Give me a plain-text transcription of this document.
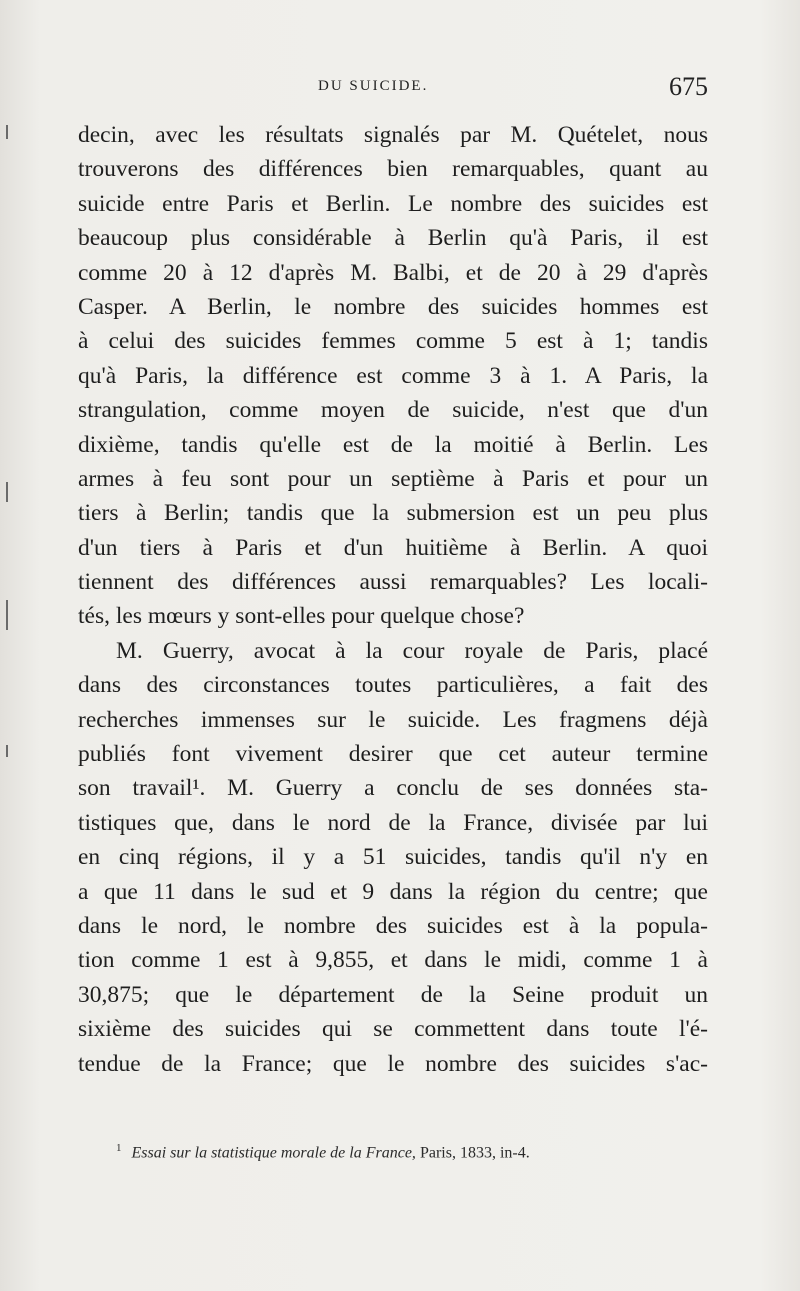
DU SUICIDE.	675
decin, avec les résultats signalés par M. Quételet, nous
trouverons des différences bien remarquables, quant au
suicide entre Paris et Berlin. Le nombre des suicides est
beaucoup plus considérable à Berlin qu'à Paris, il est
comme 20 à 12 d'après M. Balbi, et de 20 à 29 d'après
Casper. A Berlin, le nombre des suicides hommes est
à celui des suicides femmes comme 5 est à 1; tandis
qu'à Paris, la différence est comme 3 à 1. A Paris, la
strangulation, comme moyen de suicide, n'est que d'un
dixième, tandis qu'elle est de la moitié à Berlin. Les
armes à feu sont pour un septième à Paris et pour un
tiers à Berlin; tandis que la submersion est un peu plus
d'un tiers à Paris et d'un huitième à Berlin. A quoi
tiennent des différences aussi remarquables? Les locali-
tés, les mœurs y sont-elles pour quelque chose?
M. Guerry, avocat à la cour royale de Paris, placé
dans des circonstances toutes particulières, a fait des
recherches immenses sur le suicide. Les fragmens déjà
publiés font vivement desirer que cet auteur termine
son travail¹. M. Guerry a conclu de ses données sta-
tistiques que, dans le nord de la France, divisée par lui
en cinq régions, il y a 51 suicides, tandis qu'il n'y en
a que 11 dans le sud et 9 dans la région du centre; que
dans le nord, le nombre des suicides est à la popula-
tion comme 1 est à 9,855, et dans le midi, comme 1 à
30,875; que le département de la Seine produit un
sixième des suicides qui se commettent dans toute l'é-
tendue de la France; que le nombre des suicides s'ac-
$^1$ Essai sur la statistique morale de la France, Paris, 1833, in-4.
